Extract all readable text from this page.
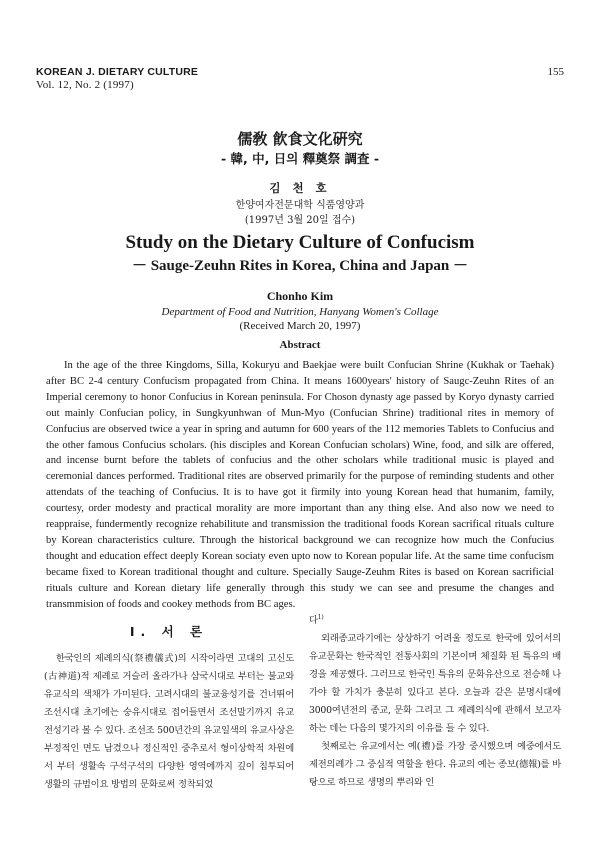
KOREAN J. DIETARY CULTURE
Vol. 12, No. 2 (1997)
155
儒敎 飮食文化硏究
- 韓, 中, 日의 釋奠祭 調査 -
김 천 호
한양여자전문대학 식품영양과
(1997년 3월 20일 접수)
Study on the Dietary Culture of Confucism
－ Sauge-Zeuhn Rites in Korea, China and Japan －
Chonho Kim
Department of Food and Nutrition, Hanyang Women's Collage
(Received March 20, 1997)
Abstract

In the age of the three Kingdoms, Silla, Kokuryu and Baekjae were built Confucian Shrine (Kukhak or Taehak) after BC 2-4 century Confucism propagated from China. It means 1600years' history of Saugc-Zeuhn Rites of an Imperial ceremony to honor Confucius in Korean peninsula. For Choson dynasty age passed by Koryo dynasty carried out mainly Confucian policy, in Sungkyunhwan of Mun-Myo (Confucian Shrine) traditional rites in memory of Confucius are observed twice a year in spring and autumn for 600 years of the 112 memories Tablets to Confucius and the other famous Confucius scholars. (his disciples and Korean Confucian scholars) Wine, food, and silk are offered, and incense burnt before the tablets of confucius and the other scholars while traditional music is played and ceremonial dances performed. Traditional rites are observed primarily for the purpose of reminding students and other attendats of the teaching of Confucius. It is to have got it firmily into young Korean head that humanim, family, courtesy, order modesty and practical morality are more important than any thing else. And also now we need to reappraise, fundermently recognize rehabilitute and transmission the traditional foods Korean sacrifical rituals culture by Korean characteristics culture. Through the historical background we can recognize how much the Confucius thought and education effect deeply Korean sociaty even upto now to Korean popular life. At the same time confucism became fixed to Korean traditional thought and culture. Specially Sauge-Zeuhm Rites is based on Korean sacrificial rituals culture and Korean dietary life generally through this study we can see and presume the changes and transmmision of foods and cookey methods from BC ages.

I. 서 론

한국인의 제례의식(祭禮儀式)의 시작이라면 고대의 고신도(古神道)적 제례로 거슬러 올라가나 삼국시대로 부터는 불교와 유교식의 색채가 가미된다. 고려시대의 불교융성기를 건너뛰어 조선시대 초기에는 숭유시대로 접어들면서 조선말기까지 유교전성기라 볼 수 있다. 조선조 500년간의 유교일색의 유교사상은 부정적인 면도 남겼으나 정신적인 중추로서 형이상학적 차원에서 부터 생활속 구석구석의 다양한 영역에까지 깊이 침투되어 생활의 규범이요 방법의 문화로써 정착되었

다$^{1)}$

외래종교라기에는 상상하기 어려울 정도로 한국에 있어서의 유교문화는 한국적인 전통사회의 기본이며 체질화 된 특유의 배경을 제공했다. 그러므로 한국인 특유의 문화유산으로 전승해 나가야 할 가치가 충분히 있다고 본다. 오늘과 같은 분명시대에 3000여년전의 종교, 문화 그리고 그 제례의식에 관해서 보고자 하는 데는 다음의 몇가지의 이유를 들 수 있다.

첫째로는 유교에서는 예(禮)를 가장 중시했으며 예중에서도 제전의례가 그 중심적 역할을 한다. 유교의 예는 종보(德報)를 바탕으로 하므로 생명의 뿌리와 인
